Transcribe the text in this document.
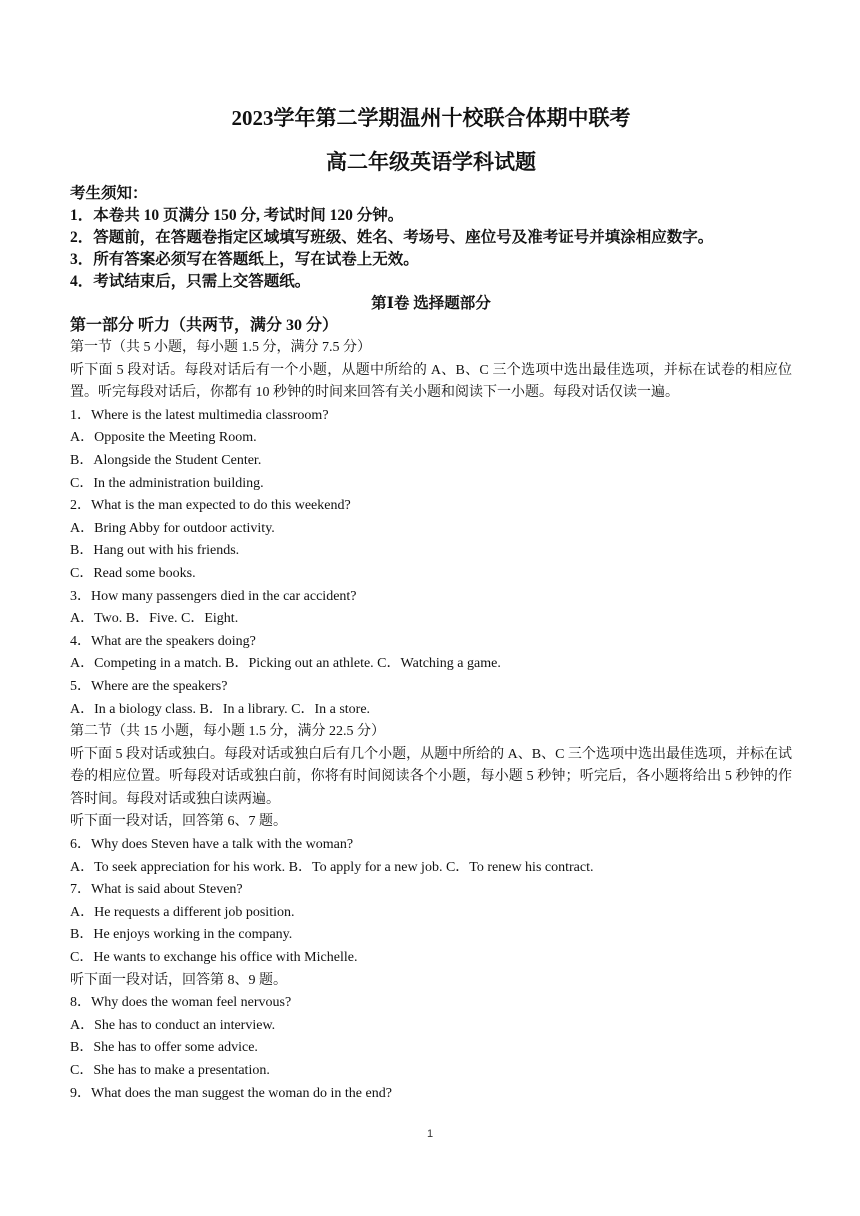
2023学年第二学期温州十校联合体期中联考
高二年级英语学科试题
考生须知：
1．本卷共 10 页满分 150 分, 考试时间 120 分钟。
2．答题前，在答题卷指定区域填写班级、姓名、考场号、座位号及准考证号并填涂相应数字。
3．所有答案必须写在答题纸上，写在试卷上无效。
4．考试结束后，只需上交答题纸。
第Ⅰ卷 选择题部分
第一部分 听力（共两节，满分 30 分）
第一节（共 5 小题，每小题 1.5 分，满分 7.5 分）
听下面 5 段对话。每段对话后有一个小题，从题中所给的 A、B、C 三个选项中选出最佳选项，并标在试卷的相应位置。听完每段对话后，你都有 10 秒钟的时间来回答有关小题和阅读下一小题。每段对话仅读一遍。
1．Where is the latest multimedia classroom?
A．Opposite the Meeting Room.
B．Alongside the Student Center.
C．In the administration building.
2．What is the man expected to do this weekend?
A．Bring Abby for outdoor activity.
B．Hang out with his friends.
C．Read some books.
3．How many passengers died in the car accident?
A．Two. B．Five. C．Eight.
4．What are the speakers doing?
A．Competing in a match. B．Picking out an athlete. C．Watching a game.
5．Where are the speakers?
A．In a biology class. B．In a library. C．In a store.
第二节（共 15 小题，每小题 1.5 分，满分 22.5 分）
听下面 5 段对话或独白。每段对话或独白后有几个小题，从题中所给的 A、B、C 三个选项中选出最佳选项，并标在试卷的相应位置。听每段对话或独白前，你将有时间阅读各个小题，每小题 5 秒钟；听完后，各小题将给出 5 秒钟的作答时间。每段对话或独白读两遍。
听下面一段对话，回答第 6、7 题。
6．Why does Steven have a talk with the woman?
A．To seek appreciation for his work. B．To apply for a new job. C．To renew his contract.
7．What is said about Steven?
A．He requests a different job position.
B．He enjoys working in the company.
C．He wants to exchange his office with Michelle.
听下面一段对话，回答第 8、9 题。
8．Why does the woman feel nervous?
A．She has to conduct an interview.
B．She has to offer some advice.
C．She has to make a presentation.
9．What does the man suggest the woman do in the end?
1
